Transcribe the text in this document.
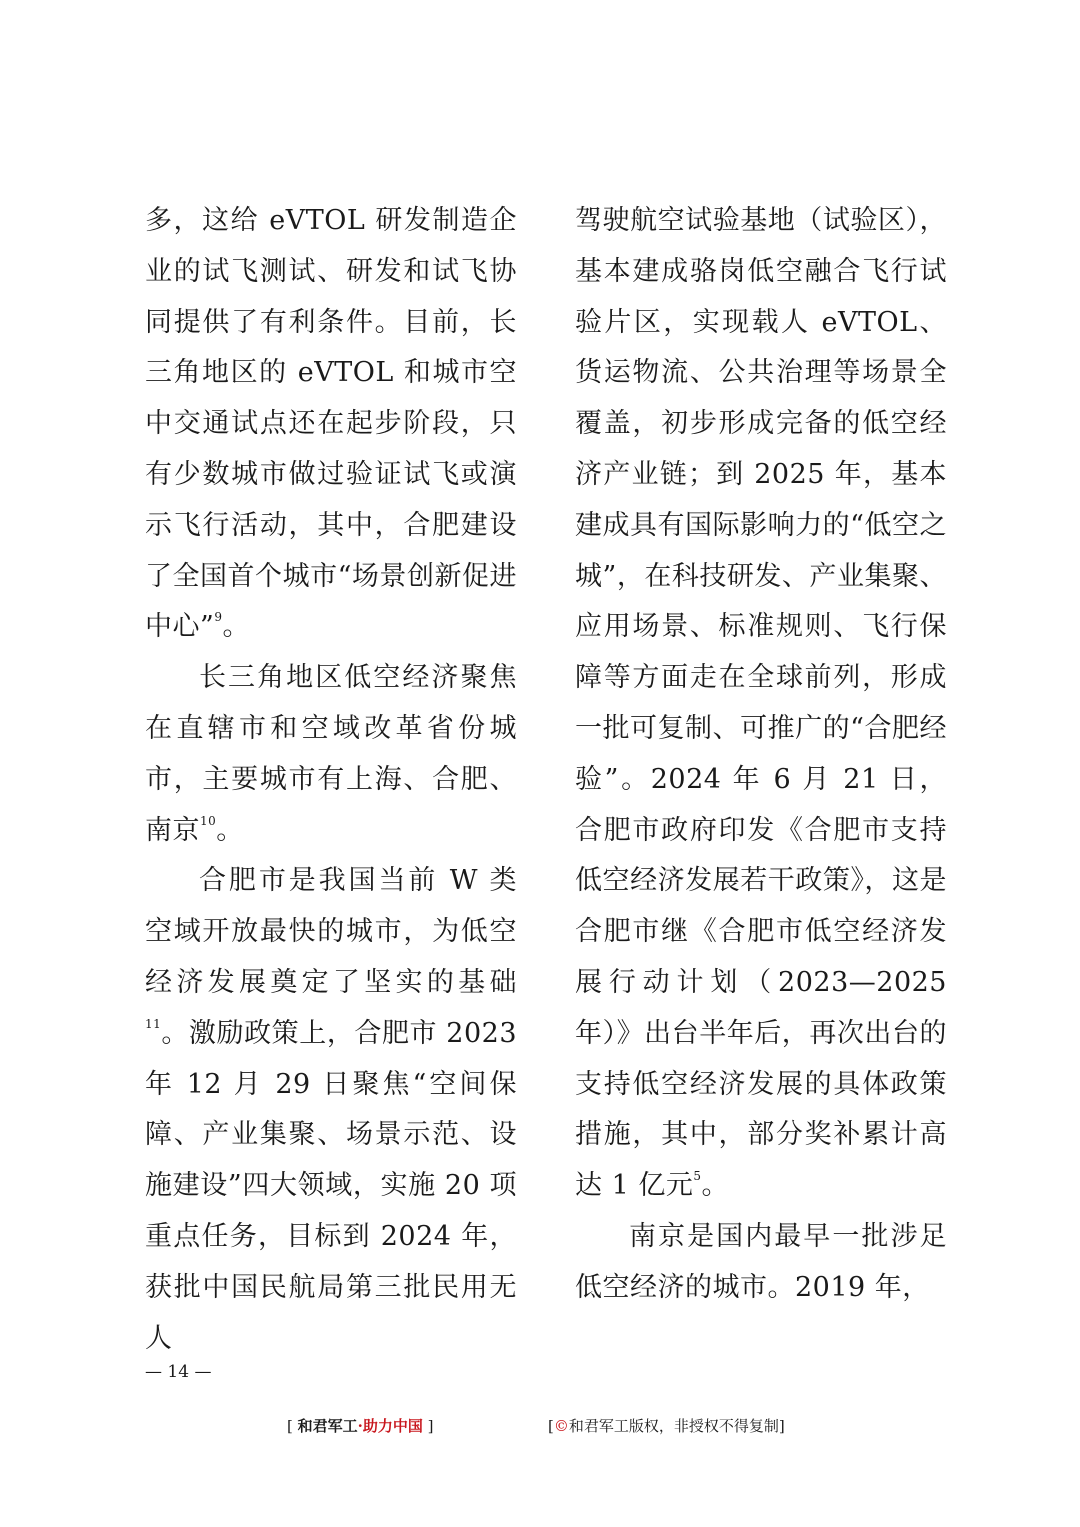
多，这给 eVTOL 研发制造企业的试飞测试、研发和试飞协同提供了有利条件。目前，长三角地区的 eVTOL 和城市空中交通试点还在起步阶段，只有少数城市做过验证试飞或演示飞行活动，其中，合肥建设了全国首个城市“场景创新促进中心”$^9$。

长三角地区低空经济聚焦在直辖市和空域改革省份城市，主要城市有上海、合肥、南京$^{10}$。

合肥市是我国当前 W 类空域开放最快的城市，为低空经济发展奠定了坚实的基础$^{11}$。激励政策上，合肥市 2023 年 12 月 29 日聚焦“空间保障、产业集聚、场景示范、设施建设”四大领域，实施 20 项重点任务，目标到 2024 年，获批中国民航局第三批民用无人

驾驶航空试验基地（试验区），基本建成骆岗低空融合飞行试验片区，实现载人 eVTOL、货运物流、公共治理等场景全覆盖，初步形成完备的低空经济产业链；到 2025 年，基本建成具有国际影响力的“低空之城”，在科技研发、产业集聚、应用场景、标准规则、飞行保障等方面走在全球前列，形成一批可复制、可推广的“合肥经验”。2024 年 6 月 21 日，合肥市政府印发《合肥市支持低空经济发展若干政策》，这是合肥市继《合肥市低空经济发展行动计划（2023—2025 年）》出台半年后，再次出台的支持低空经济发展的具体政策措施，其中，部分奖补累计高达 1 亿元$^5$。

南京是国内最早一批涉足低空经济的城市。2019 年，

— 14 —
[ 和君军工·助力中国 ]	[©和君军工版权，非授权不得复制]
